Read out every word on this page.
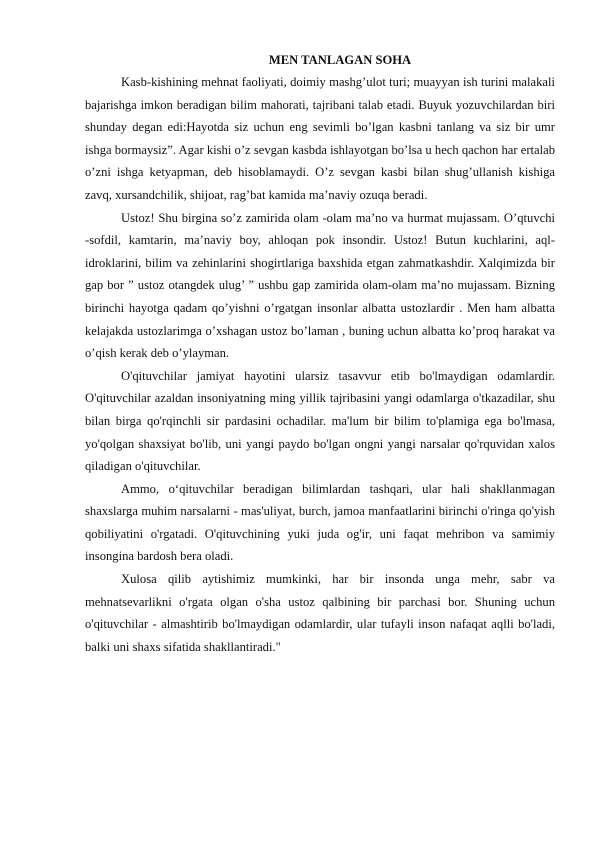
MEN TANLAGAN SOHA

Kasb-kishining mehnat faoliyati, doimiy mashg’ulot turi; muayyan ish turini malakali bajarishga imkon beradigan bilim mahorati, tajribani talab etadi. Buyuk yozuvchilardan biri shunday degan edi:Hayotda siz uchun eng sevimli bo’lgan kasbni tanlang va siz bir umr ishga bormaysiz”. Agar kishi o’z sevgan kasbda ishlayotgan bo’lsa u hech qachon har ertalab o’zni ishga ketyapman, deb hisoblamaydi. O’z sevgan kasbi bilan shug’ullanish kishiga zavq, xursandchilik, shijoat, rag’bat kamida ma’naviy ozuqa beradi.

Ustoz! Shu birgina so’z zamirida olam -olam ma’no va hurmat mujassam. O’qtuvchi -sofdil, kamtarin, ma’naviy boy, ahloqan pok insondir. Ustoz! Butun kuchlarini, aql-idroklarini, bilim va zehinlarini shogirtlariga baxshida etgan zahmatkashdir. Xalqimizda bir gap bor ” ustoz otangdek ulug’ ” ushbu gap zamirida olam-olam ma’no mujassam. Bizning birinchi hayotga qadam qo’yishni o’rgatgan insonlar albatta ustozlardir . Men ham albatta kelajakda ustozlarimga o’xshagan ustoz bo’laman , buning uchun albatta ko’proq harakat va o’qish kerak deb o’ylayman.

O'qituvchilar jamiyat hayotini ularsiz tasavvur etib bo'lmaydigan odamlardir. O'qituvchilar azaldan insoniyatning ming yillik tajribasini yangi odamlarga o'tkazadilar, shu bilan birga qo'rqinchli sir pardasini ochadilar. ma'lum bir bilim to'plamiga ega bo'lmasa, yo'qolgan shaxsiyat bo'lib, uni yangi paydo bo'lgan ongni yangi narsalar qo'rquvidan xalos qiladigan o'qituvchilar.

Ammo, o‘qituvchilar beradigan bilimlardan tashqari, ular hali shakllanmagan shaxslarga muhim narsalarni - mas'uliyat, burch, jamoa manfaatlarini birinchi o'ringa qo'yish qobiliyatini o'rgatadi. O'qituvchining yuki juda og'ir, uni faqat mehribon va samimiy insongina bardosh bera oladi.

Xulosa qilib aytishimiz mumkinki, har bir insonda unga mehr, sabr va mehnatsevarlikni o'rgata olgan o'sha ustoz qalbining bir parchasi bor. Shuning uchun o'qituvchilar - almashtirib bo'lmaydigan odamlardir, ular tufayli inson nafaqat aqlli bo'ladi, balki uni shaxs sifatida shakllantiradi."
